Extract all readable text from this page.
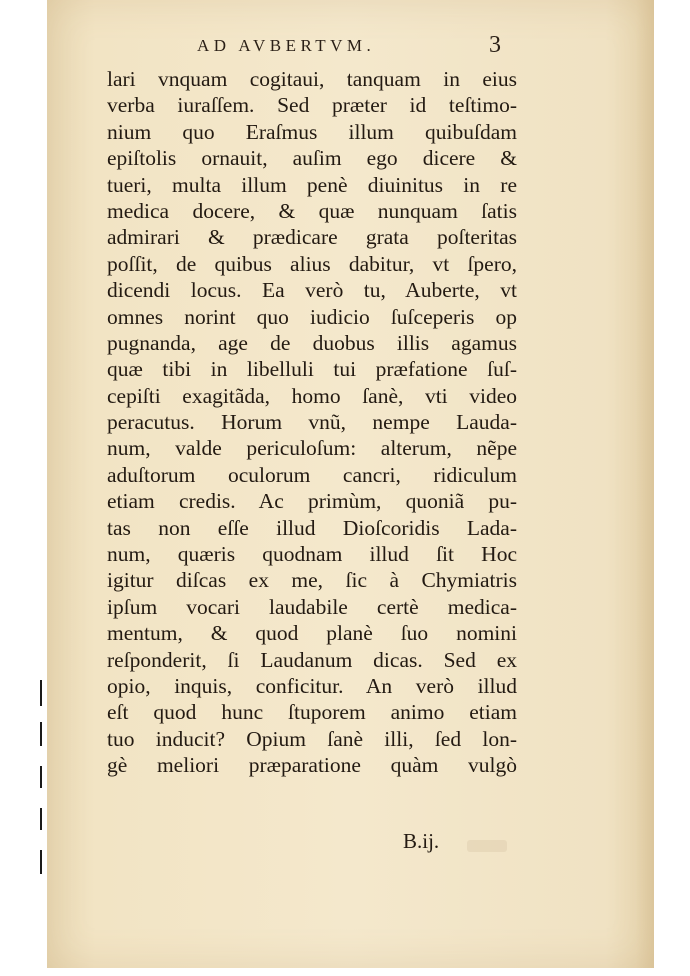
AD AVBERTVM.	3
lari vnquam cogitaui, tanquam in eius
verba iuraſſem. Sed præter id teſtimo-
nium quo Eraſmus illum quibuſdam
epiſtolis ornauit, auſim ego dicere &
tueri, multa illum penè diuinitus in re
medica docere, & quæ nunquam ſatis
admirari & prædicare grata poſteritas
poſſit, de quibus alius dabitur, vt ſpero,
dicendi locus. Ea verò tu, Auberte, vt
omnes norint quo iudicio ſuſceperis op
pugnanda, age de duobus illis agamus
quæ tibi in libelluli tui præfatione ſuſ-
cepiſti exagitãda, homo ſanè, vti video
peracutus. Horum vnũ, nempe Lauda-
num, valde periculoſum: alterum, nẽpe
aduſtorum oculorum cancri, ridiculum
etiam credis. Ac primùm, quoniã pu-
tas non eſſe illud Dioſcoridis Lada-
num, quæris quodnam illud ſit Hoc
igitur diſcas ex me, ſic à Chymiatris
ipſum vocari laudabile certè medica-
mentum, & quod planè ſuo nomini
reſponderit, ſi Laudanum dicas. Sed ex
opio, inquis, conficitur. An verò illud
eſt quod hunc ſtuporem animo etiam
tuo inducit? Opium ſanè illi, ſed lon-
gè meliori præparatione quàm vulgò
B.ij.
